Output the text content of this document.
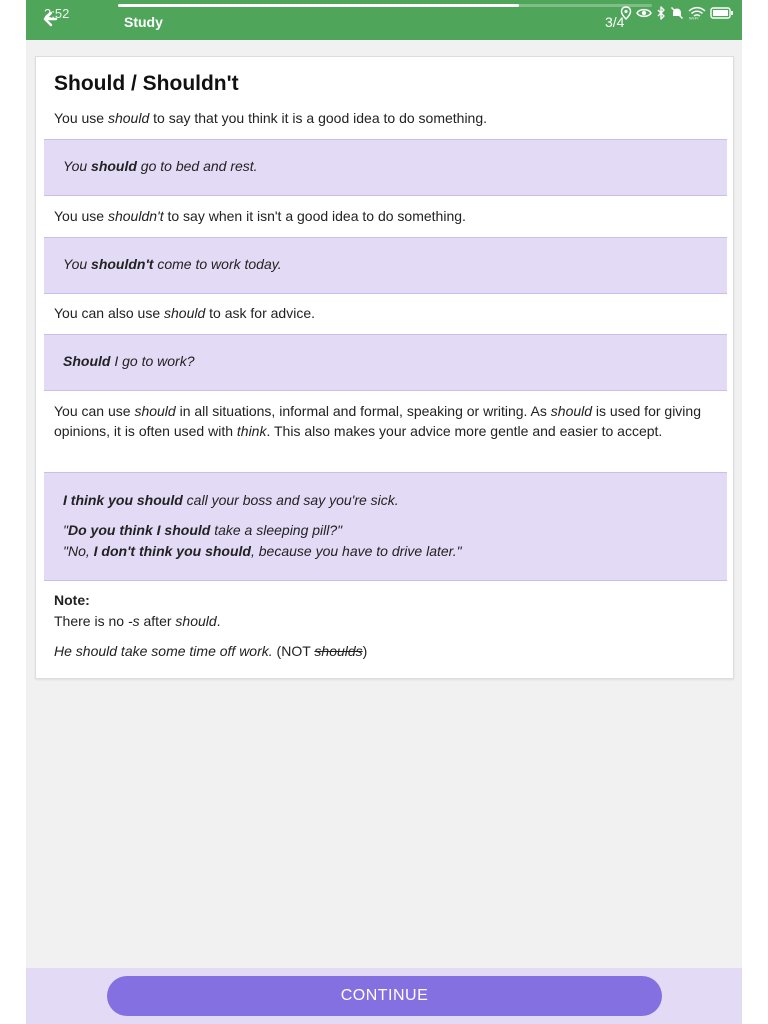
2:52
Study	3/4	Wi-Fi
Should / Shouldn't
You use should to say that you think it is a good idea to do something.
You should go to bed and rest.
You use shouldn't to say when it isn't a good idea to do something.
You shouldn't come to work today.
You can also use should to ask for advice.
Should I go to work?
You can use should in all situations, informal and formal, speaking or writing. As should is used for giving opinions, it is often used with think. This also makes your advice more gentle and easier to accept.
I think you should call your boss and say you're sick.
"Do you think I should take a sleeping pill?"
"No, I don't think you should, because you have to drive later."
Note:
There is no -s after should.
He should take some time off work. (NOT shoulds)
CONTINUE
